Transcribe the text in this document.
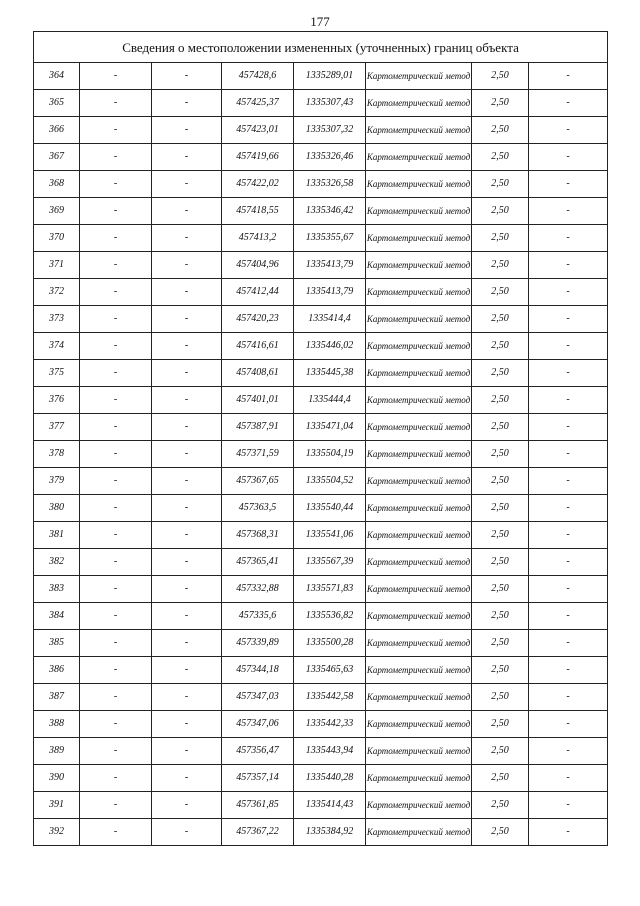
177
Сведения о местоположении измененных (уточненных) границ объекта							
364	-	-	457428,6	1335289,01	Картометрический метод	2,50	-
365	-	-	457425,37	1335307,43	Картометрический метод	2,50	-
366	-	-	457423,01	1335307,32	Картометрический метод	2,50	-
367	-	-	457419,66	1335326,46	Картометрический метод	2,50	-
368	-	-	457422,02	1335326,58	Картометрический метод	2,50	-
369	-	-	457418,55	1335346,42	Картометрический метод	2,50	-
370	-	-	457413,2	1335355,67	Картометрический метод	2,50	-
371	-	-	457404,96	1335413,79	Картометрический метод	2,50	-
372	-	-	457412,44	1335413,79	Картометрический метод	2,50	-
373	-	-	457420,23	1335414,4	Картометрический метод	2,50	-
374	-	-	457416,61	1335446,02	Картометрический метод	2,50	-
375	-	-	457408,61	1335445,38	Картометрический метод	2,50	-
376	-	-	457401,01	1335444,4	Картометрический метод	2,50	-
377	-	-	457387,91	1335471,04	Картометрический метод	2,50	-
378	-	-	457371,59	1335504,19	Картометрический метод	2,50	-
379	-	-	457367,65	1335504,52	Картометрический метод	2,50	-
380	-	-	457363,5	1335540,44	Картометрический метод	2,50	-
381	-	-	457368,31	1335541,06	Картометрический метод	2,50	-
382	-	-	457365,41	1335567,39	Картометрический метод	2,50	-
383	-	-	457332,88	1335571,83	Картометрический метод	2,50	-
384	-	-	457335,6	1335536,82	Картометрический метод	2,50	-
385	-	-	457339,89	1335500,28	Картометрический метод	2,50	-
386	-	-	457344,18	1335465,63	Картометрический метод	2,50	-
387	-	-	457347,03	1335442,58	Картометрический метод	2,50	-
388	-	-	457347,06	1335442,33	Картометрический метод	2,50	-
389	-	-	457356,47	1335443,94	Картометрический метод	2,50	-
390	-	-	457357,14	1335440,28	Картометрический метод	2,50	-
391	-	-	457361,85	1335414,43	Картометрический метод	2,50	-
392	-	-	457367,22	1335384,92	Картометрический метод	2,50	-
